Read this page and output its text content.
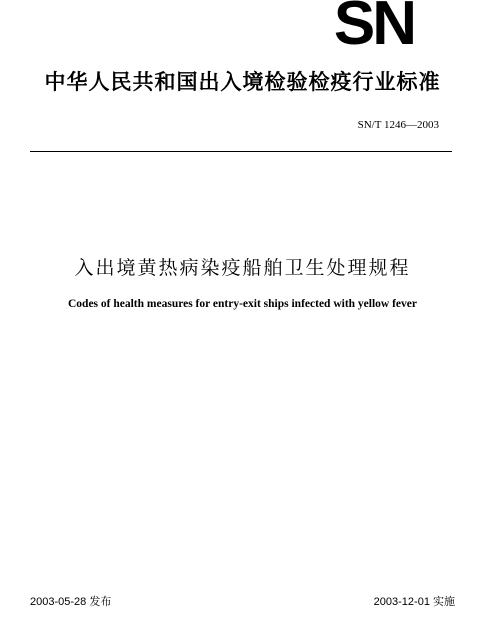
SN
中华人民共和国出入境检验检疫行业标准
SN/T 1246—2003
入出境黄热病染疫船舶卫生处理规程
Codes of health measures for entry-exit ships infected with yellow fever
2003-05-28 发布	2003-12-01 实施
